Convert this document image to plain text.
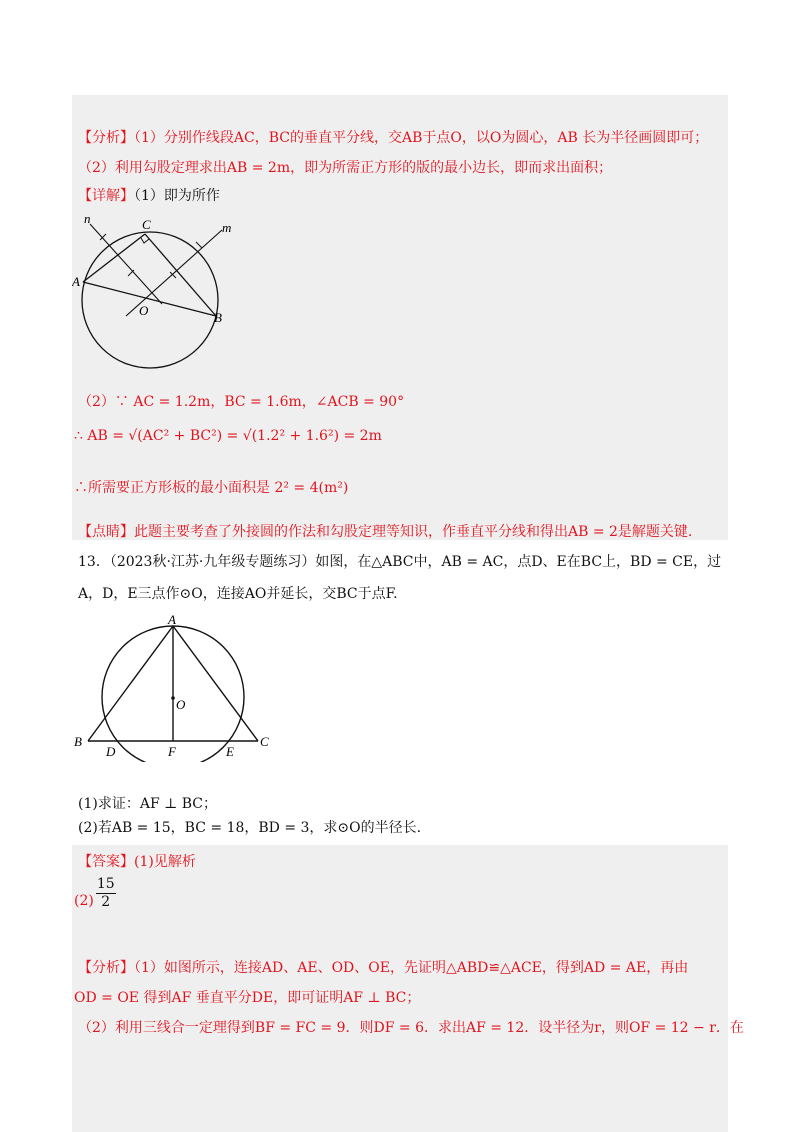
【分析】（1）分别作线段AC，BC的垂直平分线，交AB于点O，以O为圆心，AB 长为半径画圆即可；
（2）利用勾股定理求出AB = 2m，即为所需正方形的版的最小边长，即而求出面积；
【详解】（1）即为所作
n	C	m
A
O	B
（2）∵ AC = 1.2m，BC = 1.6m，∠ACB = 90°
∴ AB = √(AC² + BC²) = √(1.2² + 1.6²) = 2m
∴所需要正方形板的最小面积是 2² = 4(m²)
【点睛】此题主要考查了外接圆的作法和勾股定理等知识，作垂直平分线和得出AB = 2是解题关键.
13．（2023秋·江苏·九年级专题练习）如图，在△ABC中，AB = AC，点D、E在BC上，BD = CE，过
A，D，E三点作⊙O，连接AO并延长，交BC于点F.
A
O
B
D	F	E
C
(1)求证：AF ⊥ BC；
(2)若AB = 15，BC = 18，BD = 3，求⊙O的半径长.
【答案】(1)见解析
$(2) \frac{15}{2}$
【分析】（1）如图所示，连接AD、AE、OD、OE，先证明△ABD≌△ACE，得到AD = AE，再由
OD = OE 得到AF 垂直平分DE，即可证明AF ⊥ BC；
（2）利用三线合一定理得到BF = FC = 9．则DF = 6．求出AF = 12．设半径为r，则OF = 12 − r．在
